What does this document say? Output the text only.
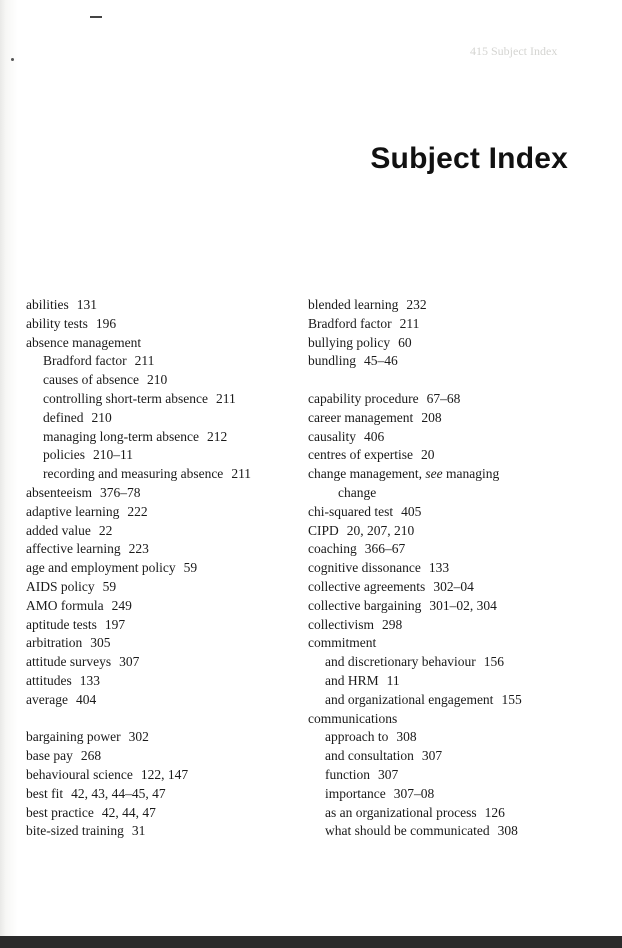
415 Subject Index
Subject Index
abilities 131
ability tests 196
absence management
Bradford factor 211
causes of absence 210
controlling short-term absence 211
defined 210
managing long-term absence 212
policies 210–11
recording and measuring absence 211
absenteeism 376–78
adaptive learning 222
added value 22
affective learning 223
age and employment policy 59
AIDS policy 59
AMO formula 249
aptitude tests 197
arbitration 305
attitude surveys 307
attitudes 133
average 404
bargaining power 302
base pay 268
behavioural science 122, 147
best fit 42, 43, 44–45, 47
best practice 42, 44, 47
bite-sized training 31
blended learning 232
Bradford factor 211
bullying policy 60
bundling 45–46
capability procedure 67–68
career management 208
causality 406
centres of expertise 20
change management, see managing
change
chi-squared test 405
CIPD 20, 207, 210
coaching 366–67
cognitive dissonance 133
collective agreements 302–04
collective bargaining 301–02, 304
collectivism 298
commitment
and discretionary behaviour 156
and HRM 11
and organizational engagement 155
communications
approach to 308
and consultation 307
function 307
importance 307–08
as an organizational process 126
what should be communicated 308
